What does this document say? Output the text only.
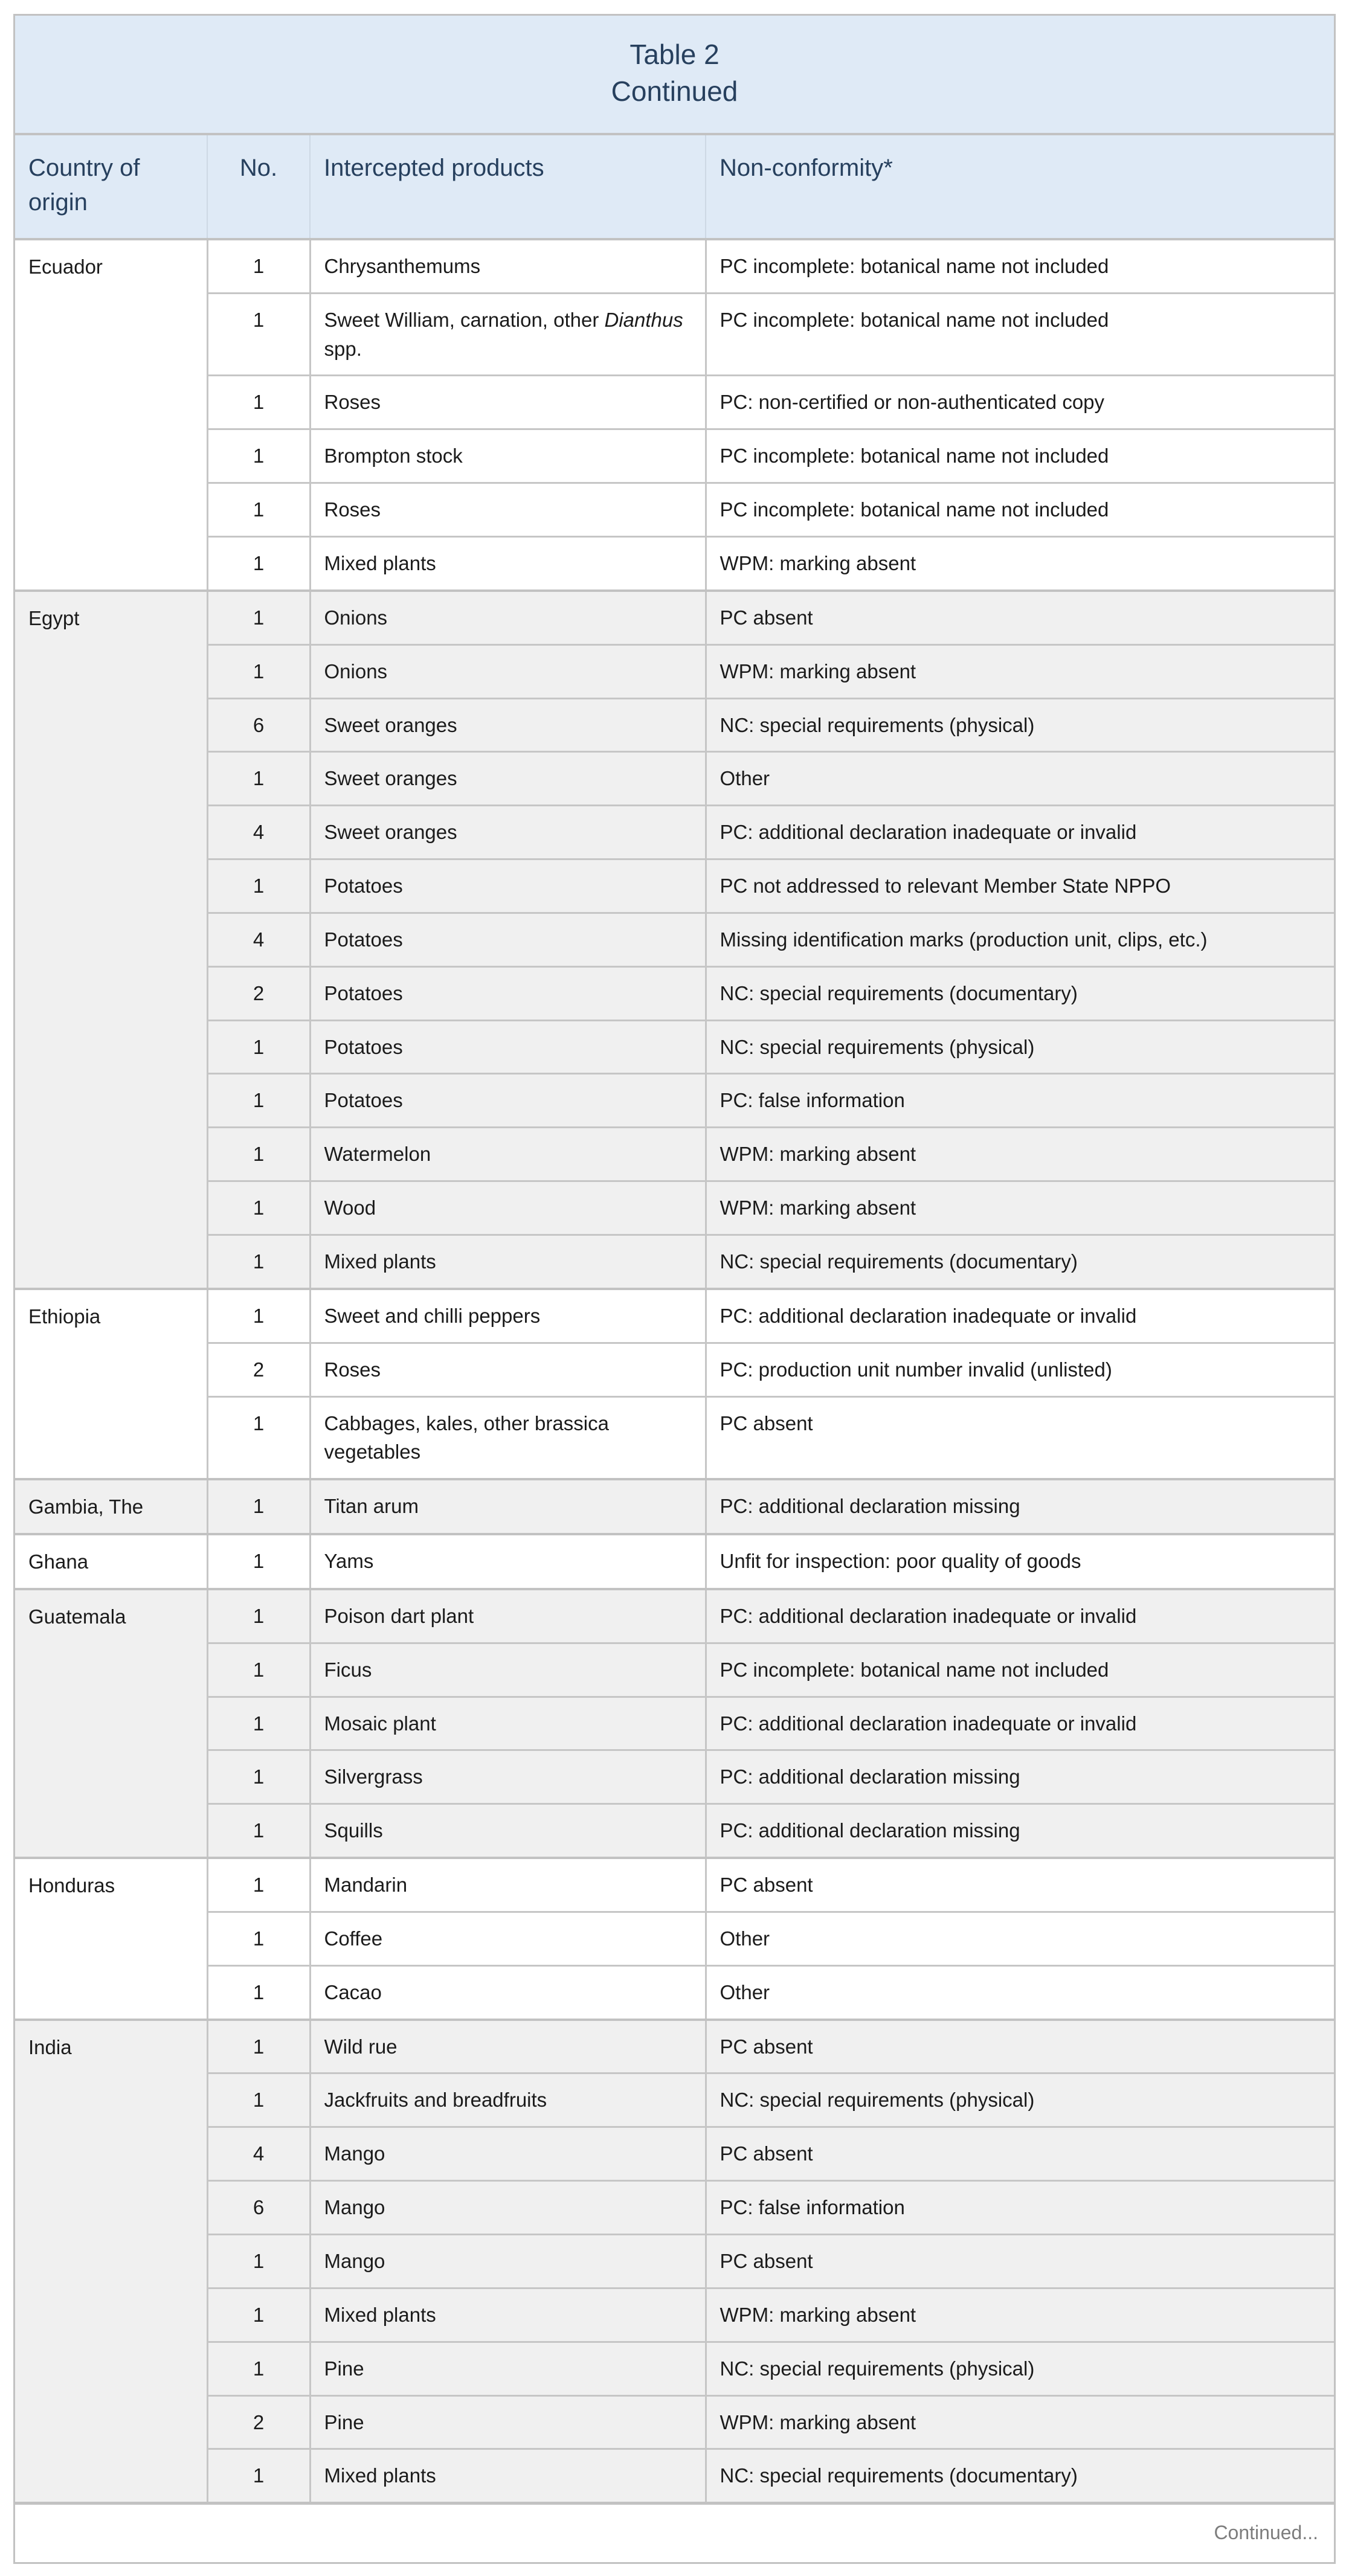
Table 2
Continued			

Country of origin	No.	Intercepted products	Non-conformity*
Ecuador	1	Chrysanthemums	PC incomplete: botanical name not included
	1	Sweet William, carnation, other Dianthus spp.	PC incomplete: botanical name not included
	1	Roses	PC: non-certified or non-authenticated copy
	1	Brompton stock	PC incomplete: botanical name not included
	1	Roses	PC incomplete: botanical name not included
	1	Mixed plants	WPM: marking absent
Egypt	1	Onions	PC absent
	1	Onions	WPM: marking absent
	6	Sweet oranges	NC: special requirements (physical)
	1	Sweet oranges	Other
	4	Sweet oranges	PC: additional declaration inadequate or invalid
	1	Potatoes	PC not addressed to relevant Member State NPPO
	4	Potatoes	Missing identification marks (production unit, clips, etc.)
	2	Potatoes	NC: special requirements (documentary)
	1	Potatoes	NC: special requirements (physical)
	1	Potatoes	PC: false information
	1	Watermelon	WPM: marking absent
	1	Wood	WPM: marking absent
	1	Mixed plants	NC: special requirements (documentary)
Ethiopia	1	Sweet and chilli peppers	PC: additional declaration inadequate or invalid
	2	Roses	PC: production unit number invalid (unlisted)
	1	Cabbages, kales, other brassica vegetables	PC absent
Gambia, The	1	Titan arum	PC: additional declaration missing
Ghana	1	Yams	Unfit for inspection: poor quality of goods
Guatemala	1	Poison dart plant	PC: additional declaration inadequate or invalid
	1	Ficus	PC incomplete: botanical name not included
	1	Mosaic plant	PC: additional declaration inadequate or invalid
	1	Silvergrass	PC: additional declaration missing
	1	Squills	PC: additional declaration missing
Honduras	1	Mandarin	PC absent
	1	Coffee	Other
	1	Cacao	Other
India	1	Wild rue	PC absent
	1	Jackfruits and breadfruits	NC: special requirements (physical)
	4	Mango	PC absent
	6	Mango	PC: false information
	1	Mango	PC absent
	1	Mixed plants	WPM: marking absent
	1	Pine	NC: special requirements (physical)
	2	Pine	WPM: marking absent
	1	Mixed plants	NC: special requirements (documentary)
Continued...			
